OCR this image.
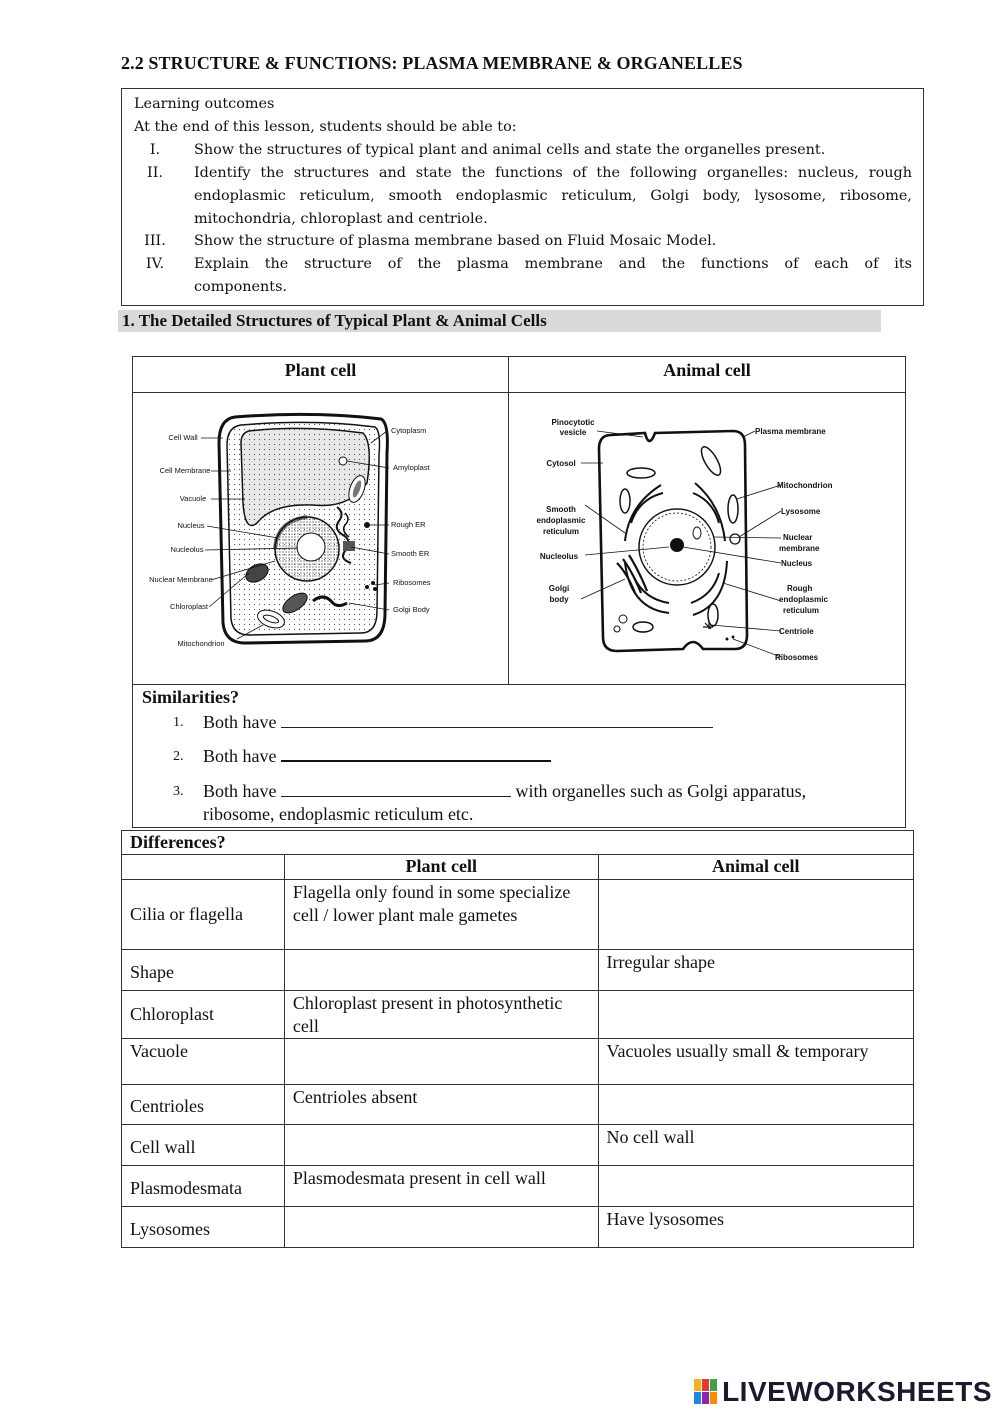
2.2 STRUCTURE & FUNCTIONS: PLASMA MEMBRANE & ORGANELLES
Learning outcomes
At the end of this lesson, students should be able to:
I.	Show the structures of typical plant and animal cells and state the organelles present.
II.	Identify the structures and state the functions of the following organelles: nucleus, rough
endoplasmic reticulum, smooth endoplasmic reticulum, Golgi body, lysosome, ribosome,
mitochondria, chloroplast and centriole.
III.	Show the structure of plasma membrane based on Fluid Mosaic Model.
IV.	Explain the structure of the plasma membrane and the functions of each of its
components.
1. The Detailed Structures of Typical Plant & Animal Cells
Plant cell	Animal cell
Cell Wall
Cell Membrane
Vacuole
Nucleus
Nucleolus
Nuclear Membrane
Chloroplast
Mitochondrion
Cytoplasm
Amyloplast
Rough ER
Smooth ER
Ribosomes
Golgi Body
Pinocytotic
vesicle
Cytosol
Smooth
endoplasmic
reticulum
Nucleolus
Golgi
body
Plasma membrane
Mitochondrion
Lysosome
Nuclear
membrane
Nucleus
Rough
endoplasmic
reticulum
Centriole
Ribosomes
Similarities?
1. Both have
2. Both have
3. Both have	with organelles such as Golgi apparatus,
ribosome, endoplasmic reticulum etc.
Differences?		
	Plant cell	Animal cell
Cilia or flagella	Flagella only found in some specialize cell / lower plant male gametes	
Shape		Irregular shape
Chloroplast	Chloroplast present in photosynthetic cell	
Vacuole		Vacuoles usually small & temporary
Centrioles	Centrioles absent	
Cell wall		No cell wall
Plasmodesmata	Plasmodesmata present in cell wall	
Lysosomes		Have lysosomes
LIVEWORKSHEETS
